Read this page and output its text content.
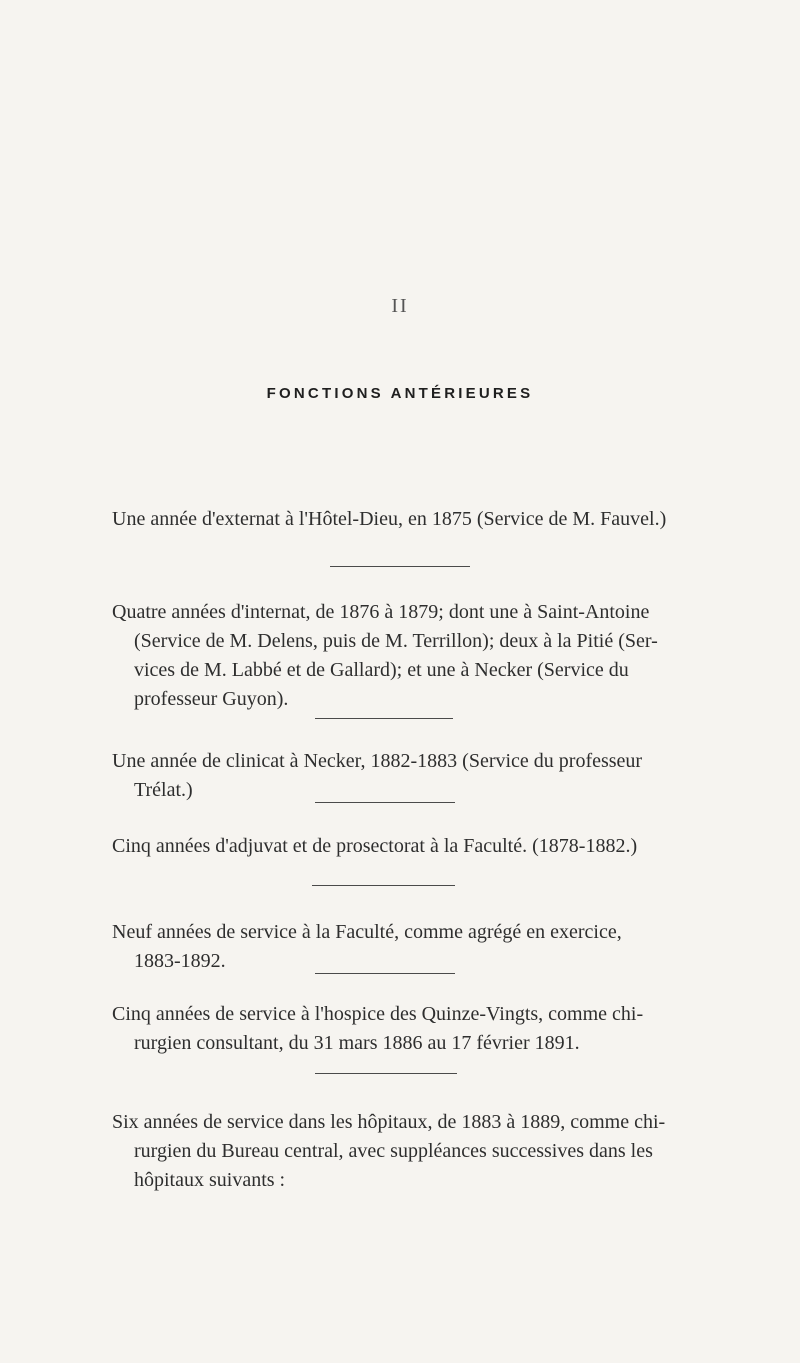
II
FONCTIONS ANTÉRIEURES
Une année d'externat à l'Hôtel-Dieu, en 1875 (Service de M. Fauvel.)
Quatre années d'internat, de 1876 à 1879; dont une à Saint-Antoine
(Service de M. Delens, puis de M. Terrillon); deux à la Pitié (Ser-
vices de M. Labbé et de Gallard); et une à Necker (Service du
professeur Guyon).
Une année de clinicat à Necker, 1882-1883 (Service du professeur
Trélat.)
Cinq années d'adjuvat et de prosectorat à la Faculté. (1878-1882.)
Neuf années de service à la Faculté, comme agrégé en exercice,
1883-1892.
Cinq années de service à l'hospice des Quinze-Vingts, comme chi-
rurgien consultant, du 31 mars 1886 au 17 février 1891.
Six années de service dans les hôpitaux, de 1883 à 1889, comme chi-
rurgien du Bureau central, avec suppléances successives dans les
hôpitaux suivants :
